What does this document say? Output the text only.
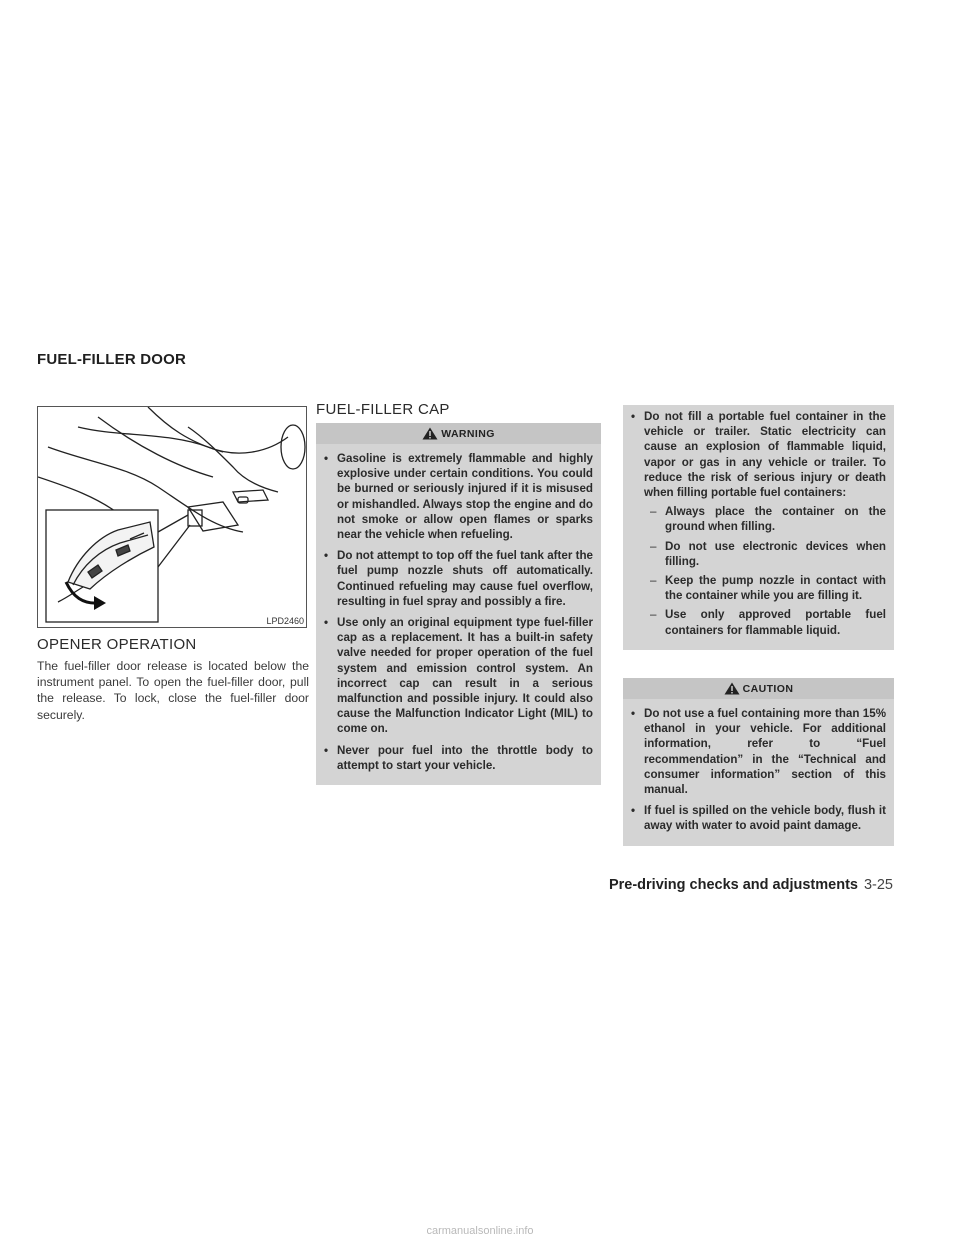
FUEL-FILLER DOOR
LPD2460
OPENER OPERATION

The fuel-filler door release is located below the instrument panel. To open the fuel-filler door, pull the release. To lock, close the fuel-filler door securely.

FUEL-FILLER CAP
WARNING
• Gasoline is extremely flammable and highly explosive under certain conditions. You could be burned or seriously injured if it is misused or mishandled. Always stop the engine and do not smoke or allow open flames or sparks near the vehicle when refueling.
• Do not attempt to top off the fuel tank after the fuel pump nozzle shuts off automatically. Continued refueling may cause fuel overflow, resulting in fuel spray and possibly a fire.
• Use only an original equipment type fuel-filler cap as a replacement. It has a built-in safety valve needed for proper operation of the fuel system and emission control system. An incorrect cap can result in a serious malfunction and possible injury. It could also cause the Malfunction Indicator Light (MIL) to come on.
• Never pour fuel into the throttle body to attempt to start your vehicle.
• Do not fill a portable fuel container in the vehicle or trailer. Static electricity can cause an explosion of flammable liquid, vapor or gas in any vehicle or trailer. To reduce the risk of serious injury or death when filling portable fuel containers:
– Always place the container on the ground when filling.
– Do not use electronic devices when filling.
– Keep the pump nozzle in contact with the container while you are filling it.
– Use only approved portable fuel containers for flammable liquid.
CAUTION
• Do not use a fuel containing more than 15% ethanol in your vehicle. For additional information, refer to “Fuel recommendation” in the “Technical and consumer information” section of this manual.
• If fuel is spilled on the vehicle body, flush it away with water to avoid paint damage.
Pre-driving checks and adjustments 3-25
carmanualsonline.info
